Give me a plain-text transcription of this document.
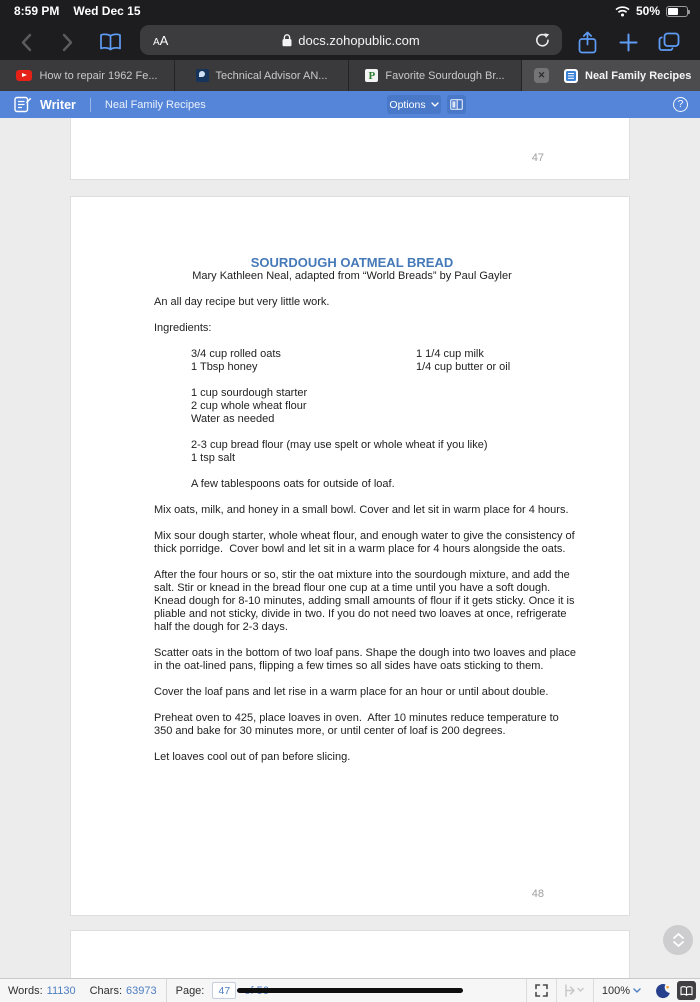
8:59 PM Wed Dec 15	50%
AA	docs.zohopublic.com
How to repair 1962 Fe...	Technical Advisor AN...	P Favorite Sourdough Br...	✕	Neal Family Recipes
Writer	Neal Family Recipes	Options	?
47
SOURDOUGH OATMEAL BREAD
Mary Kathleen Neal, adapted from “World Breads” by Paul Gayler
An all day recipe but very little work.
Ingredients:
3/4 cup rolled oats	1 1/4 cup milk
1 Tbsp honey	1/4 cup butter or oil
1 cup sourdough starter
2 cup whole wheat flour
Water as needed
2-3 cup bread flour (may use spelt or whole wheat if you like)
1 tsp salt
A few tablespoons oats for outside of loaf.
Mix oats, milk, and honey in a small bowl. Cover and let sit in warm place for 4 hours.
Mix sour dough starter, whole wheat flour, and enough water to give the consistency of thick porridge.  Cover bowl and let sit in a warm place for 4 hours alongside the oats.
After the four hours or so, stir the oat mixture into the sourdough mixture, and add the salt. Stir or knead in the bread flour one cup at a time until you have a soft dough.  Knead dough for 8-10 minutes, adding small amounts of flour if it gets sticky. Once it is pliable and not sticky, divide in two. If you do not need two loaves at once, refrigerate half the dough for 2-3 days.
Scatter oats in the bottom of two loaf pans. Shape the dough into two loaves and place in the oat-lined pans, flipping a few times so all sides have oats sticking to them.
Cover the loaf pans and let rise in a warm place for an hour or until about double.
Preheat oven to 425, place loaves in oven.  After 10 minutes reduce temperature to 350 and bake for 30 minutes more, or until center of loaf is 200 degrees.
Let loaves cool out of pan before slicing.
48
Words: 11130 Chars: 63973 Page:	47	100%
